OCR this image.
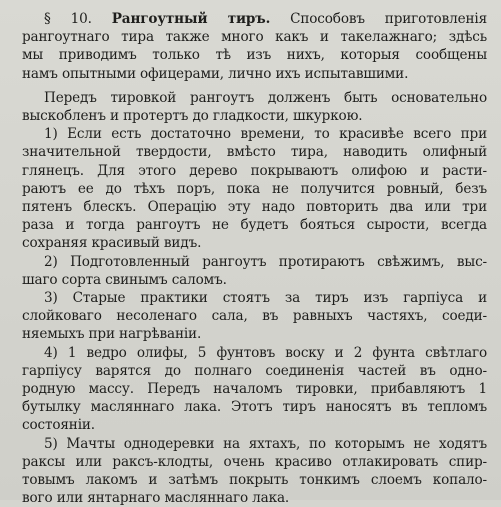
§ 10. Рангоутный тиръ. Способовъ приготовленія
рангоутнаго тира также много какъ и такелажнаго; здѣсь
мы приводимъ только тѣ изъ нихъ, которыя сообщены
намъ опытными офицерами, лично ихъ испытавшими.
Передъ тировкой рангоутъ долженъ быть основательно
выскобленъ и протертъ до гладкости, шкуркою.
1) Если есть достаточно времени, то красивѣе всего при
значительной твердости, вмѣсто тира, наводить олифный
глянецъ. Для этого дерево покрываютъ олифою и расти-
раютъ ее до тѣхъ поръ, пока не получится ровный, безъ
пятенъ блескъ. Операцію эту надо повторить два или три
раза и тогда рангоутъ не будетъ бояться сырости, всегда
сохраняя красивый видъ.
2) Подготовленный рангоутъ протираютъ свѣжимъ, выс-
шаго сорта свинымъ саломъ.
3) Старые практики стоятъ за тиръ изъ гарпіуса и
слойковаго несоленаго сала, въ равныхъ частяхъ, соеди-
няемыхъ при нагрѣваніи.
4) 1 ведро олифы, 5 фунтовъ воску и 2 фунта свѣтлаго
гарпіусу варятся до полнаго соединенія частей въ одно-
родную массу. Передъ началомъ тировки, прибавляютъ 1
бутылку масляннаго лака. Этотъ тиръ наносятъ въ тепломъ
состояніи.
5) Мачты однодеревки на яхтахъ, по которымъ не ходятъ
раксы или раксъ-клодты, очень красиво отлакировать спир-
товымъ лакомъ и затѣмъ покрыть тонкимъ слоемъ копало-
вого или янтарнаго масляннаго лака.
